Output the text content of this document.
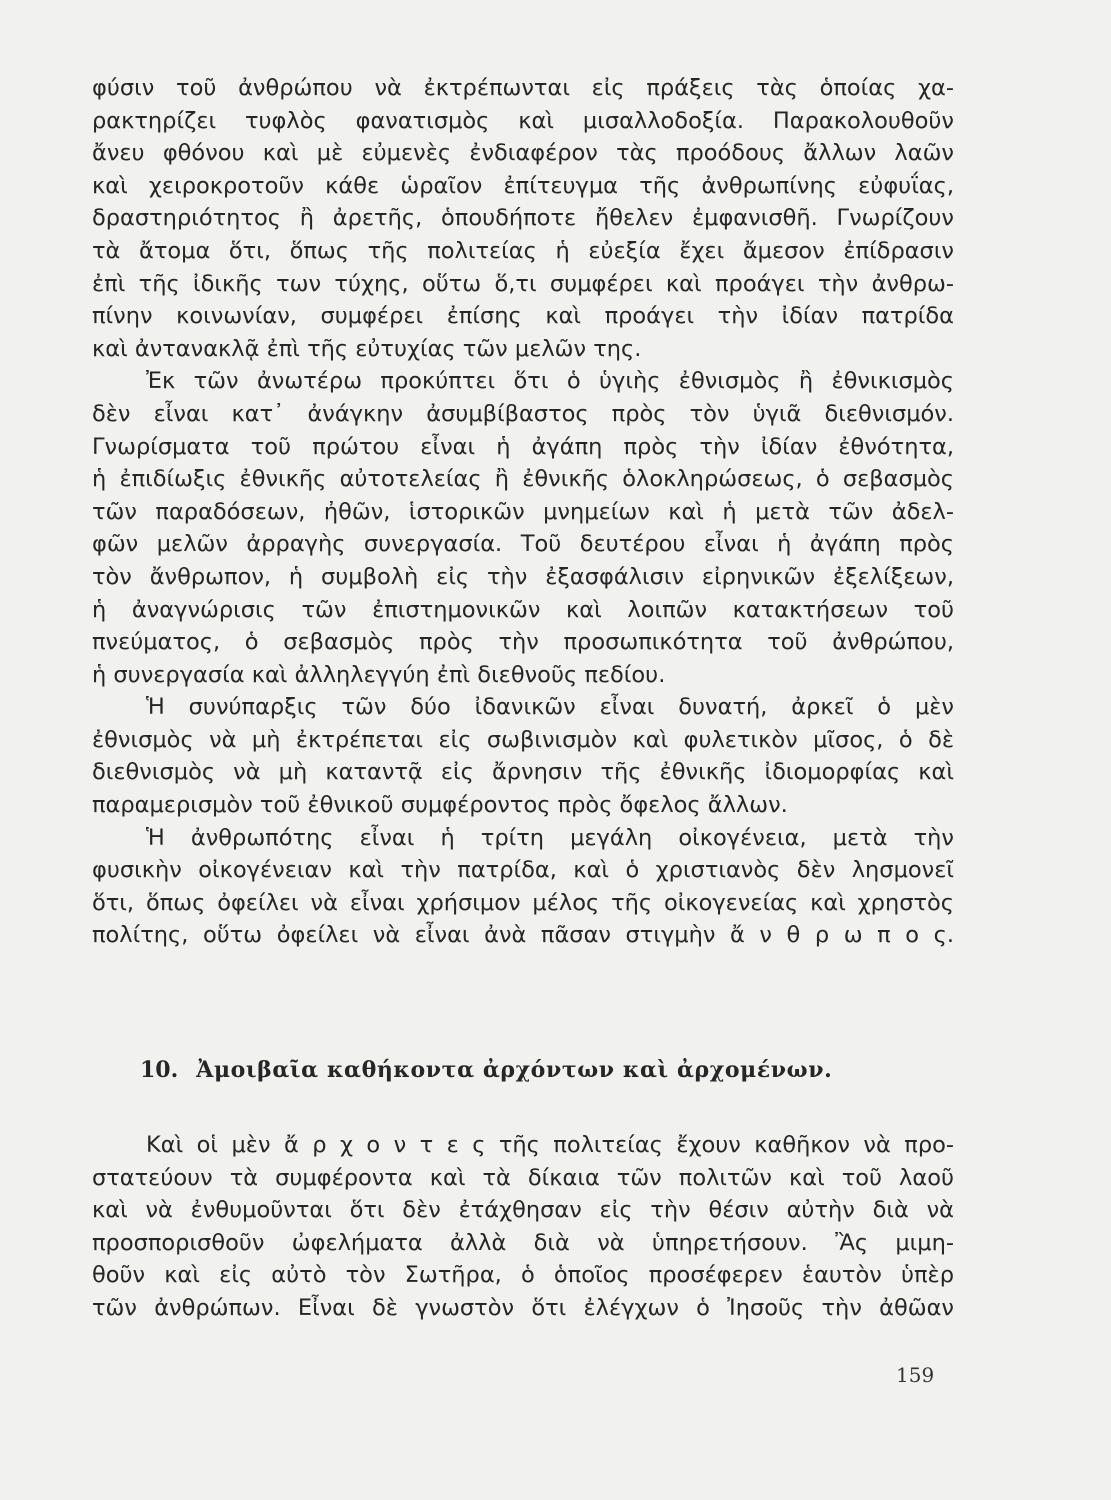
φύσιν τοῦ ἀνθρώπου νὰ ἐκτρέπωνται εἰς πράξεις τὰς ὁποίας χα-
ρακτηρίζει τυφλὸς φανατισμὸς καὶ μισαλλοδοξία. Παρακολουθοῦν
ἄνευ φθόνου καὶ μὲ εὐμενὲς ἐνδιαφέρον τὰς προόδους ἄλλων λαῶν
καὶ χειροκροτοῦν κάθε ὡραῖον ἐπίτευγμα τῆς ἀνθρωπίνης εὐφυΐας,
δραστηριότητος ἢ ἀρετῆς, ὁπουδήποτε ἤθελεν ἐμφανισθῆ. Γνωρίζουν
τὰ ἄτομα ὅτι, ὅπως τῆς πολιτείας ἡ εὐεξία ἔχει ἄμεσον ἐπίδρασιν
ἐπὶ τῆς ἰδικῆς των τύχης, οὕτω ὅ,τι συμφέρει καὶ προάγει τὴν ἀνθρω-
πίνην κοινωνίαν, συμφέρει ἐπίσης καὶ προάγει τὴν ἰδίαν πατρίδα
καὶ ἀντανακλᾷ ἐπὶ τῆς εὐτυχίας τῶν μελῶν της.
Ἐκ τῶν ἀνωτέρω προκύπτει ὅτι ὁ ὑγιὴς ἐθνισμὸς ἢ ἐθνικισμὸς
δὲν εἶναι κατ᾽ ἀνάγκην ἀσυμβίβαστος πρὸς τὸν ὑγιᾶ διεθνισμόν.
Γνωρίσματα τοῦ πρώτου εἶναι ἡ ἀγάπη πρὸς τὴν ἰδίαν ἐθνότητα,
ἡ ἐπιδίωξις ἐθνικῆς αὐτοτελείας ἢ ἐθνικῆς ὁλοκληρώσεως, ὁ σεβασμὸς
τῶν παραδόσεων, ἠθῶν, ἱστορικῶν μνημείων καὶ ἡ μετὰ τῶν ἀδελ-
φῶν μελῶν ἀρραγὴς συνεργασία. Τοῦ δευτέρου εἶναι ἡ ἀγάπη πρὸς
τὸν ἄνθρωπον, ἡ συμβολὴ εἰς τὴν ἐξασφάλισιν εἰρηνικῶν ἐξελίξεων,
ἡ ἀναγνώρισις τῶν ἐπιστημονικῶν καὶ λοιπῶν κατακτήσεων τοῦ
πνεύματος, ὁ σεβασμὸς πρὸς τὴν προσωπικότητα τοῦ ἀνθρώπου,
ἡ συνεργασία καὶ ἀλληλεγγύη ἐπὶ διεθνοῦς πεδίου.
Ἡ συνύπαρξις τῶν δύο ἰδανικῶν εἶναι δυνατή, ἀρκεῖ ὁ μὲν
ἐθνισμὸς νὰ μὴ ἐκτρέπεται εἰς σωβινισμὸν καὶ φυλετικὸν μῖσος, ὁ δὲ
διεθνισμὸς νὰ μὴ καταντᾷ εἰς ἄρνησιν τῆς ἐθνικῆς ἰδιομορφίας καὶ
παραμερισμὸν τοῦ ἐθνικοῦ συμφέροντος πρὸς ὄφελος ἄλλων.
Ἡ ἀνθρωπότης εἶναι ἡ τρίτη μεγάλη οἰκογένεια, μετὰ τὴν
φυσικὴν οἰκογένειαν καὶ τὴν πατρίδα, καὶ ὁ χριστιανὸς δὲν λησμονεῖ
ὅτι, ὅπως ὀφείλει νὰ εἶναι χρήσιμον μέλος τῆς οἰκογενείας καὶ χρηστὸς
πολίτης, οὕτω ὀφείλει νὰ εἶναι ἀνὰ πᾶσαν στιγμὴν ἄ ν θ ρ ω π ο ς.
10. Ἀμοιβαῖα καθήκοντα ἀρχόντων καὶ ἀρχομένων.
Καὶ οἱ μὲν ἄ ρ χ ο ν τ ε ς τῆς πολιτείας ἔχουν καθῆκον νὰ προ-
στατεύουν τὰ συμφέροντα καὶ τὰ δίκαια τῶν πολιτῶν καὶ τοῦ λαοῦ
καὶ νὰ ἐνθυμοῦνται ὅτι δὲν ἐτάχθησαν εἰς τὴν θέσιν αὐτὴν διὰ νὰ
προσπορισθοῦν ὠφελήματα ἀλλὰ διὰ νὰ ὑπηρετήσουν. Ἂς μιμη-
θοῦν καὶ εἰς αὐτὸ τὸν Σωτῆρα, ὁ ὁποῖος προσέφερεν ἑαυτὸν ὑπὲρ
τῶν ἀνθρώπων. Εἶναι δὲ γνωστὸν ὅτι ἐλέγχων ὁ Ἰησοῦς τὴν ἀθῶαν
159
